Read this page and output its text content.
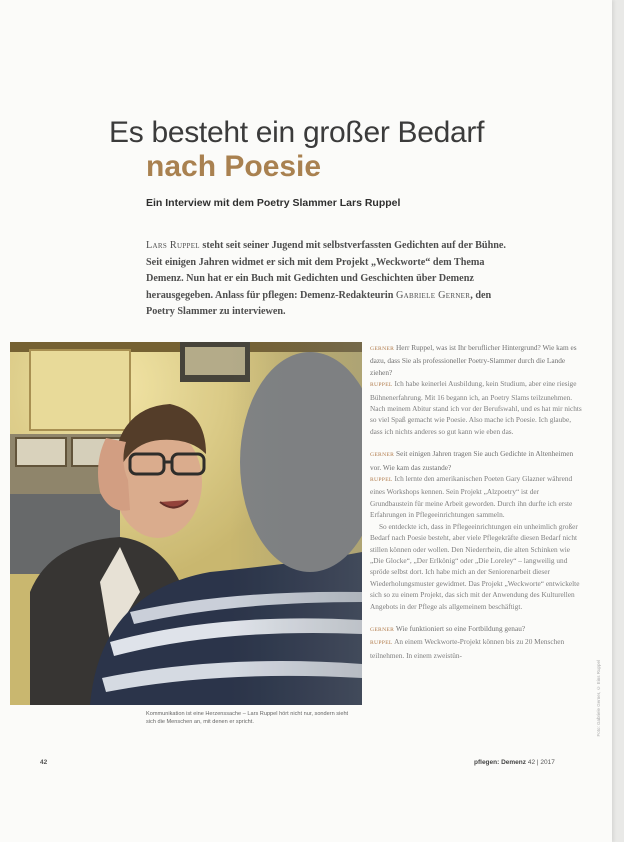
Es besteht ein großer Bedarf
nach Poesie
Ein Interview mit dem Poetry Slammer Lars Ruppel
Lars Ruppel steht seit seiner Jugend mit selbstverfassten Gedichten auf der Bühne. Seit einigen Jahren widmet er sich mit dem Projekt „Weckworte“ dem Thema Demenz. Nun hat er ein Buch mit Gedichten und Geschichten über Demenz herausgegeben. Anlass für pflegen: Demenz-Redakteurin Gabriele Gerner, den Poetry Slammer zu interviewen.
Kommunikation ist eine Herzenssache – Lars Ruppel hört nicht nur, sondern sieht sich die Menschen an, mit denen er spricht.

GERNER Herr Ruppel, was ist Ihr beruflicher Hintergrund? Wie kam es dazu, dass Sie als professioneller Poetry-Slammer durch die Lande ziehen?

RUPPEL Ich habe keinerlei Ausbildung, kein Studium, aber eine riesige Bühnenerfahrung. Mit 16 begann ich, an Poetry Slams teilzunehmen. Nach meinem Abitur stand ich vor der Berufswahl, und es hat mir nichts so viel Spaß gemacht wie Poesie. Also mache ich Poesie. Ich glaube, dass ich nichts anderes so gut kann wie eben das.

GERNER Seit einigen Jahren tragen Sie auch Gedichte in Altenheimen vor. Wie kam das zustande?

RUPPEL Ich lernte den amerikanischen Poeten Gary Glazner während eines Workshops kennen. Sein Projekt „Alzpoetry“ ist der Grundbaustein für meine Arbeit geworden. Durch ihn durfte ich erste Erfahrungen in Pflegeeinrichtungen sammeln.

So entdeckte ich, dass in Pflegeeinrichtungen ein unheimlich großer Bedarf nach Poesie besteht, aber viele Pflegekräfte diesen Bedarf nicht stillen können oder wollen. Den Niederrhein, die alten Schinken wie „Die Glocke“, „Der Erlkönig“ oder „Die Loreley“ – langweilig und spröde selbst dort. Ich habe mich an der Seniorenarbeit dieser Wiederholungsmuster gewidmet. Das Projekt „Weckworte“ entwickelte sich so zu einem Projekt, das sich mit der Anwendung des Kulturellen Angebots in der Pflege als allgemeinem beschäftigt.

GERNER Wie funktioniert so eine Fortbildung genau?

RUPPEL An einem Weckworte-Projekt können bis zu 20 Menschen teilnehmen. In einem zweistün-

Foto: Gabriele Gerner, © Eins Ruppel
42	pflegen: Demenz 42 | 2017
